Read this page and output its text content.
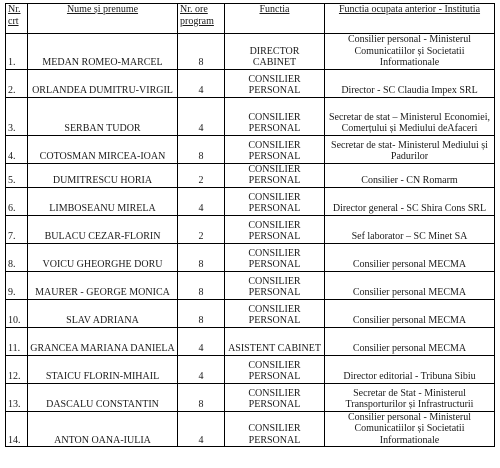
Nr. crt	Nume și prenume	Nr. ore program	Functia	Functia ocupata anterior - Institutia
1.	MEDAN ROMEO-MARCEL	8	DIRECTOR CABINET	Consilier personal - Ministerul Comunicatiilor și Societatii Informationale
2.	ORLANDEA DUMITRU-VIRGIL	4	CONSILIER PERSONAL	Director - SC Claudia Impex SRL
3.	SERBAN TUDOR	4	CONSILIER PERSONAL	Secretar de stat – Ministerul Economiei, Comerțului și Mediului deAfaceri
4.	COTOSMAN MIRCEA-IOAN	8	CONSILIER PERSONAL	Secretar de stat- Ministerul Mediului și Padurilor
5.	DUMITRESCU HORIA	2	CONSILIER PERSONAL	Consilier - CN Romarm
6.	LIMBOSEANU MIRELA	4	CONSILIER PERSONAL	Director general - SC Shira Cons SRL
7.	BULACU CEZAR-FLORIN	2	CONSILIER PERSONAL	Sef laborator – SC Minet SA
8.	VOICU GHEORGHE DORU	8	CONSILIER PERSONAL	Consilier personal MECMA
9.	MAURER - GEORGE MONICA	8	CONSILIER PERSONAL	Consilier personal MECMA
10.	SLAV ADRIANA	8	CONSILIER PERSONAL	Consilier personal MECMA
11.	GRANCEA MARIANA DANIELA	4	ASISTENT CABINET	Consilier personal MECMA
12.	STAICU FLORIN-MIHAIL	4	CONSILIER PERSONAL	Director editorial - Tribuna Sibiu
13.	DASCALU CONSTANTIN	8	CONSILIER PERSONAL	Secretar de Stat - Ministerul Transporturilor și Infrastructurii
14.	ANTON OANA-IULIA	4	CONSILIER PERSONAL	Consilier personal - Ministerul Comunicatiilor și Societatii Informationale
